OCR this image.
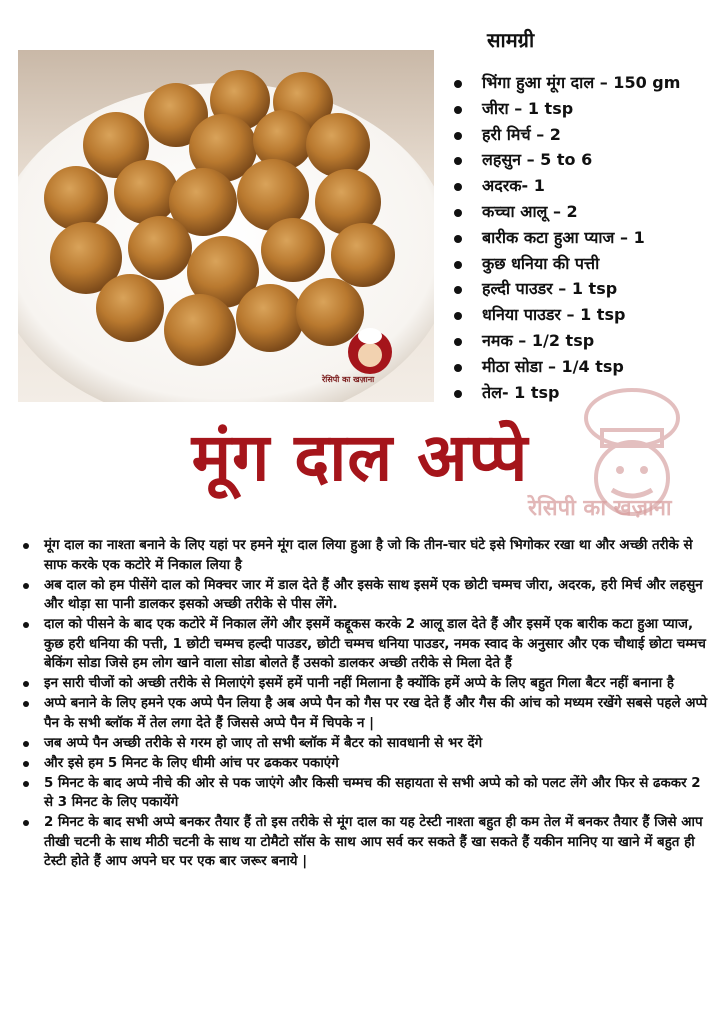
रेसिपी का खज़ाना
सामग्री
भिंगा हुआ मूंग दाल – 150 gm
जीरा – 1 tsp
हरी मिर्च – 2
लहसुन – 5 to 6
अदरक- 1
कच्चा आलू – 2
बारीक कटा हुआ प्याज – 1
कुछ धनिया की पत्ती
हल्दी पाउडर – 1 tsp
धनिया पाउडर – 1 tsp
नमक – 1/2 tsp
मीठा सोडा – 1/4 tsp
तेल- 1 tsp
रेसिपी का खज़ाना
मूंग दाल अप्पे
मूंग दाल का नाश्ता बनाने के लिए यहां पर हमने मूंग दाल लिया हुआ है जो कि तीन-चार घंटे इसे भिगोकर रखा था और अच्छी तरीके से साफ करके एक कटोरे में निकाल लिया है
अब दाल को हम पीसेंगे दाल को मिक्चर जार में डाल देते हैं और इसके साथ इसमें एक छोटी चम्मच जीरा, अदरक, हरी मिर्च और लहसुन और थोड़ा सा पानी डालकर इसको अच्छी तरीके से पीस लेंगे.
दाल को पीसने के बाद एक कटोरे में निकाल लेंगे और इसमें कद्दूकस करके 2 आलू डाल देते हैं और इसमें एक बारीक कटा हुआ प्याज, कुछ हरी धनिया की पत्ती, 1 छोटी चम्मच हल्दी पाउडर, छोटी चम्मच धनिया पाउडर, नमक स्वाद के अनुसार और एक चौथाई छोटा चम्मच बेकिंग सोडा जिसे हम लोग खाने वाला सोडा बोलते हैं उसको डालकर अच्छी तरीके से मिला देते हैं
इन सारी चीजों को अच्छी तरीके से मिलाएंगे इसमें हमें पानी नहीं मिलाना है क्योंकि हमें अप्पे के लिए बहुत गिला बैटर नहीं बनाना है
अप्पे बनाने के लिए हमने एक अप्पे पैन लिया है अब अप्पे पैन को गैस पर रख देते हैं और गैस की आंच को मध्यम रखेंगे सबसे पहले अप्पे पैन के सभी ब्लॉक में तेल लगा देते हैं जिससे अप्पे पैन में चिपके न |
जब अप्पे पैन अच्छी तरीके से गरम हो जाए तो सभी ब्लॉक में बैटर को सावधानी से भर देंगे
और इसे हम 5 मिनट के लिए धीमी आंच पर ढककर पकाएंगे
5 मिनट के बाद अप्पे नीचे की ओर से पक जाएंगे और किसी चम्मच की सहायता से सभी अप्पे को को पलट लेंगे और फिर से ढककर 2 से 3 मिनट के लिए पकायेंगे
2 मिनट के बाद सभी अप्पे बनकर तैयार हैं तो इस तरीके से मूंग दाल का यह टेस्टी नाश्ता बहुत ही कम तेल में बनकर तैयार हैं जिसे आप तीखी चटनी के साथ मीठी चटनी के साथ या टोमैटो सॉस के साथ आप सर्व कर सकते हैं खा सकते हैं यकीन मानिए या खाने में बहुत ही टेस्टी होते हैं आप अपने घर पर एक बार जरूर बनाये |
